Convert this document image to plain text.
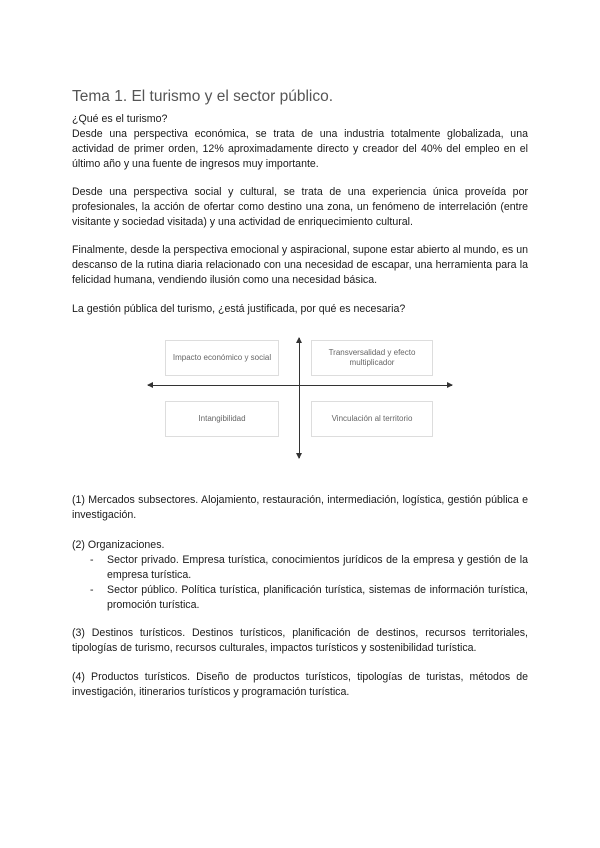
Tema 1. El turismo y el sector público.

¿Qué es el turismo?

Desde una perspectiva económica, se trata de una industria totalmente globalizada, una actividad de primer orden, 12% aproximadamente directo y creador del 40% del empleo en el último año y una fuente de ingresos muy importante.

Desde una perspectiva social y cultural, se trata de una experiencia única proveída por profesionales, la acción de ofertar como destino una zona, un fenómeno de interrelación (entre visitante y sociedad visitada) y una actividad de enriquecimiento cultural.

Finalmente, desde la perspectiva emocional y aspiracional, supone estar abierto al mundo, es un descanso de la rutina diaria relacionado con una necesidad de escapar, una herramienta para la felicidad humana, vendiendo ilusión como una necesidad básica.

La gestión pública del turismo, ¿está justificada, por qué es necesaria?

(1) Mercados subsectores. Alojamiento, restauración, intermediación, logística, gestión pública e investigación.

(2) Organizaciones.

- Sector privado. Empresa turística, conocimientos jurídicos de la empresa y gestión de la empresa turística.
- Sector público. Política turística, planificación turística, sistemas de información turística, promoción turística.

(3) Destinos turísticos. Destinos turísticos, planificación de destinos, recursos territoriales, tipologías de turismo, recursos culturales, impactos turísticos y sostenibilidad turística.

(4) Productos turísticos. Diseño de productos turísticos, tipologías de turistas, métodos de investigación, itinerarios turísticos y programación turística.

Impacto económico y social
Transversalidad y efecto multiplicador
Intangibilidad	Vinculación al territorio
